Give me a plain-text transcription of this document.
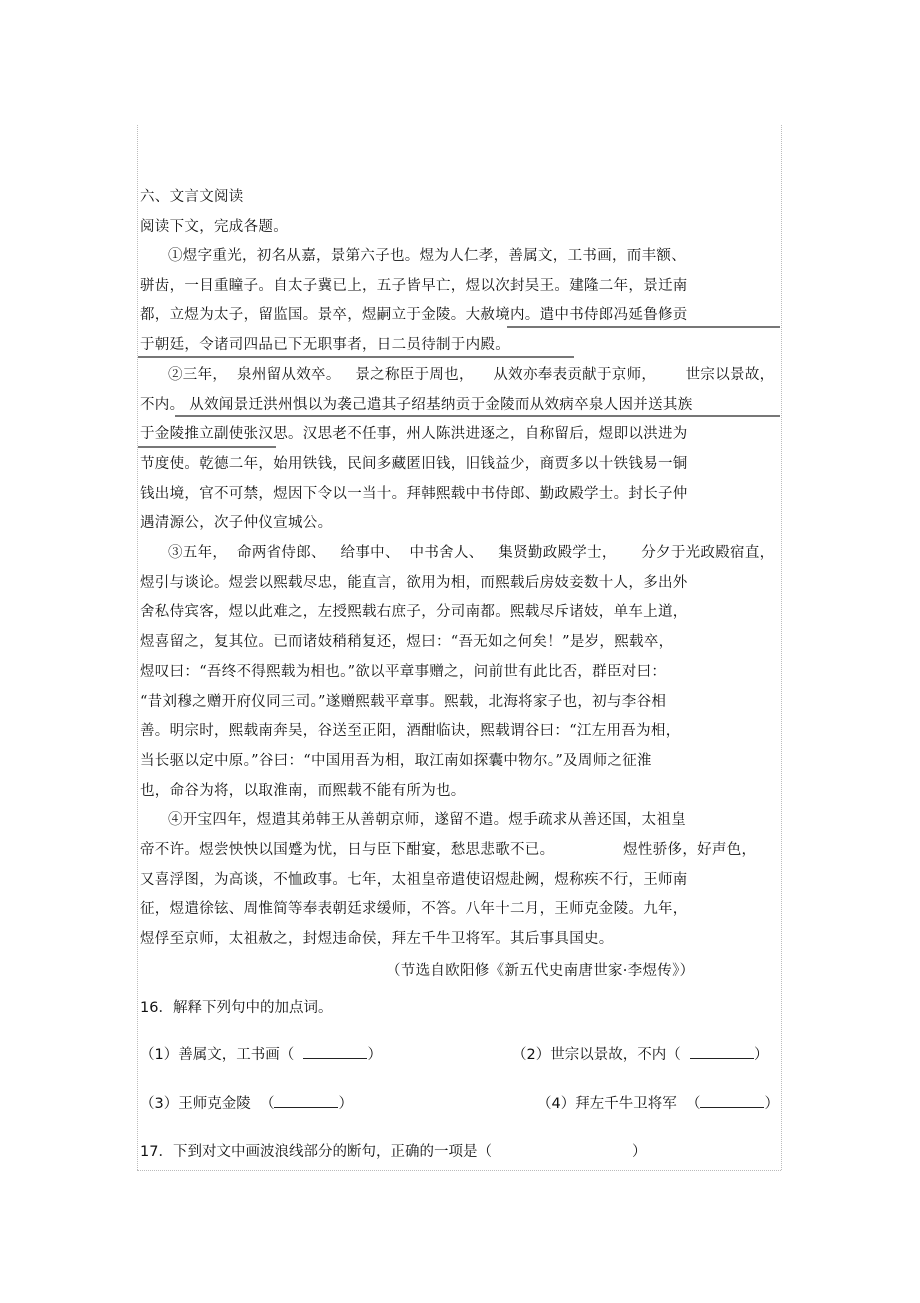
六、文言文阅读
阅读下文，完成各题。
①煜字重光，初名从嘉，景第六子也。煜为人仁孝，善属文，工书画，而丰额、
骈齿，一目重瞳子。自太子冀已上，五子皆早亡，煜以次封吴王。建隆二年，景迁南
都，立煜为太子，留监国。景卒，煜嗣立于金陵。大赦境内。遣中书侍郎冯延鲁修贡
于朝廷，令诸司四品已下无职事者，日二员待制于内殿。
②三年，  泉州留从效卒。   景之称臣于周也，    从效亦奉表贡献于京师，      世宗以景故，
不内。 从效闻景迁洪州惧以为袭己遣其子绍基纳贡于金陵而从效病卒泉人因并送其族
于金陵推立副使张汉思。汉思老不任事，州人陈洪进逐之，自称留后，煜即以洪进为
节度使。乾德二年，始用铁钱，民间多藏匿旧钱，旧钱益少，商贾多以十铁钱易一铜
钱出境，官不可禁，煜因下令以一当十。拜韩熙载中书侍郎、勤政殿学士。封长子仲
遇清源公，次子仲仪宣城公。
③五年，  命两省侍郎、   给事中、  中书舍人、   集贤勤政殿学士，     分夕于光政殿宿直，
煜引与谈论。煜尝以熙载尽忠，能直言，欲用为相，而熙载后房妓妾数十人，多出外
舍私侍宾客，煜以此难之，左授熙载右庶子，分司南都。熙载尽斥诸妓，单车上道，
煜喜留之，复其位。已而诸妓稍稍复还，煜曰：“吾无如之何矣！”是岁，熙载卒，
煜叹曰：“吾终不得熙载为相也。”欲以平章事赠之，问前世有此比否，群臣对曰：
“昔刘穆之赠开府仪同三司。”遂赠熙载平章事。熙载，北海将家子也，初与李谷相
善。明宗时，熙载南奔吴，谷送至正阳，酒酣临诀，熙载谓谷曰：“江左用吾为相，
当长驱以定中原。”谷曰：“中国用吾为相，取江南如探囊中物尔。”及周师之征淮
也，命谷为将，以取淮南，而熙载不能有所为也。
④开宝四年，煜遣其弟韩王从善朝京师，遂留不遣。煜手疏求从善还国，太祖皇
帝不许。煜尝怏怏以国蹙为忧，日与臣下酣宴，愁思悲歌不已。              煜性骄侈，好声色，
又喜浮图，为高谈，不恤政事。七年，太祖皇帝遣使诏煜赴阙，煜称疾不行，王师南
征，煜遣徐铉、周惟简等奉表朝廷求缓师，不答。八年十二月，王师克金陵。九年，
煜俘至京师，太祖赦之，封煜违命侯，拜左千牛卫将军。其后事具国史。
（节选自欧阳修《新五代史南唐世家·李煜传》）
16．解释下列句中的加点词。
（1）善属文，工书画（	）	（2）世宗以景故，不内（	）
（3）王师克金陵  （	）	（4）拜左千牛卫将军  （	）
17．下到对文中画波浪线部分的断句，正确的一项是（	）
